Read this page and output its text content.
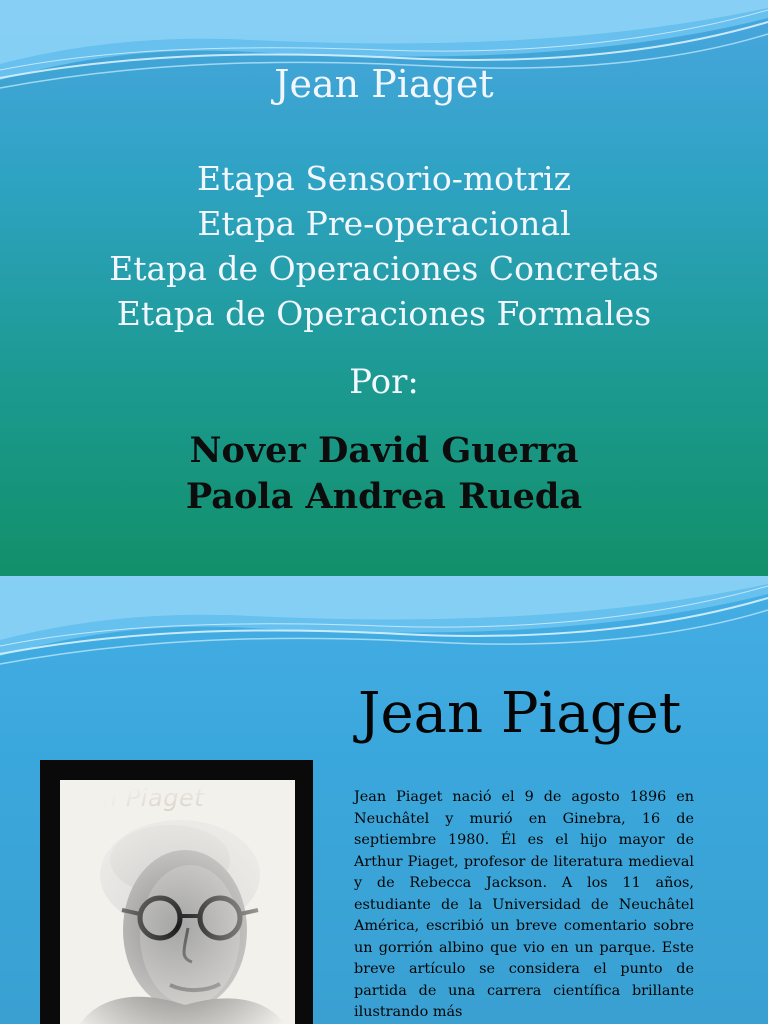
Jean Piaget
Etapa Sensorio-motriz
Etapa Pre-operacional
Etapa de Operaciones Concretas
Etapa de Operaciones Formales
Por:
Nover David Guerra
Paola Andrea Rueda
Jean Piaget
Jean Piaget nació el 9 de agosto 1896 en Neuchâtel y murió en Ginebra, 16 de septiembre 1980. Él es el hijo mayor de Arthur Piaget, profesor de literatura medieval y de Rebecca Jackson. A los 11 años, estudiante de la Universidad de Neuchâtel América, escribió un breve comentario sobre un gorrión albino que vio en un parque. Este breve artículo se considera el punto de partida de una carrera científica brillante ilustrando más
